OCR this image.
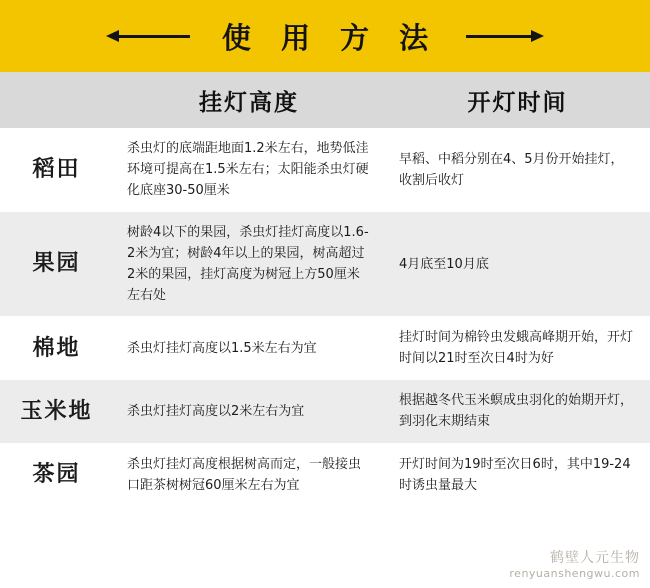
使 用 方 法
	挂灯高度	开灯时间
稻田	杀虫灯的底端距地面1.2米左右，地势低洼环境可提高在1.5米左右；太阳能杀虫灯硬化底座30-50厘米	早稻、中稻分别在4、5月份开始挂灯，收割后收灯

果园	树龄4以下的果园，杀虫灯挂灯高度以1.6-2米为宜；树龄4年以上的果园，树高超过2米的果园，挂灯高度为树冠上方50厘米左右处	4月底至10月底

棉地	杀虫灯挂灯高度以1.5米左右为宜	挂灯时间为棉铃虫发蛾高峰期开始，开灯时间以21时至次日4时为好

玉米地	杀虫灯挂灯高度以2米左右为宜	根据越冬代玉米螟成虫羽化的始期开灯，到羽化末期结束

茶园	杀虫灯挂灯高度根据树高而定，一般接虫口距茶树树冠60厘米左右为宜	开灯时间为19时至次日6时，其中19-24时诱虫量最大
鹤壁人元生物
renyuanshengwu.com
